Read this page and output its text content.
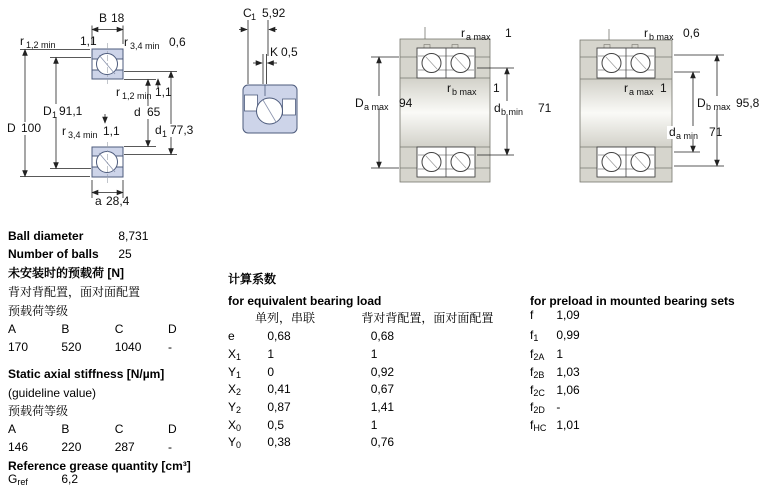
B 18
r 1,2 min 1,1 r 3,4 min 0,6
r 1,2 min 1,1
D 1 91,1	d 65
D 100 r 3,4 min 1,1	d 1 77,3
a 28,4
C 1 5,92
K 0,5
r a max 1
r b max 1
D a max 94	d b min 71
r b max 0,6
r a max 1
D b max 95,8
d a min 71
Ball diameter	8,731
Number of balls 25
未安装时的预载荷 [N]
背对背配置，面对面配置
预载荷等级
A	B	C	D
170	520	1040 -
Static axial stiffness [N/µm]
(guideline value)
预载荷等级
A	B	C	D
146	220	287	-
Reference grease quantity [cm³]
$G_{ref}$	6,2
计算系数
for equivalent bearing load
单列，串联	背对背配置，面对面配置
e	0,68	0,68
$X_1$ 1	1
$Y_1$ 0	0,92
$X_2$ 0,41	0,67
$Y_2$ 0,87	1,41
$X_0$ 0,5	1
$Y_0$ 0,38	0,76
for preload in mounted bearing sets
f 1,09
$f_1$ 0,99
$f_{2A}$ 1
$f_{2B}$ 1,03
$f_{2C}$ 1,06
$f_{2D}$ -
$f_{HC}$ 1,01
